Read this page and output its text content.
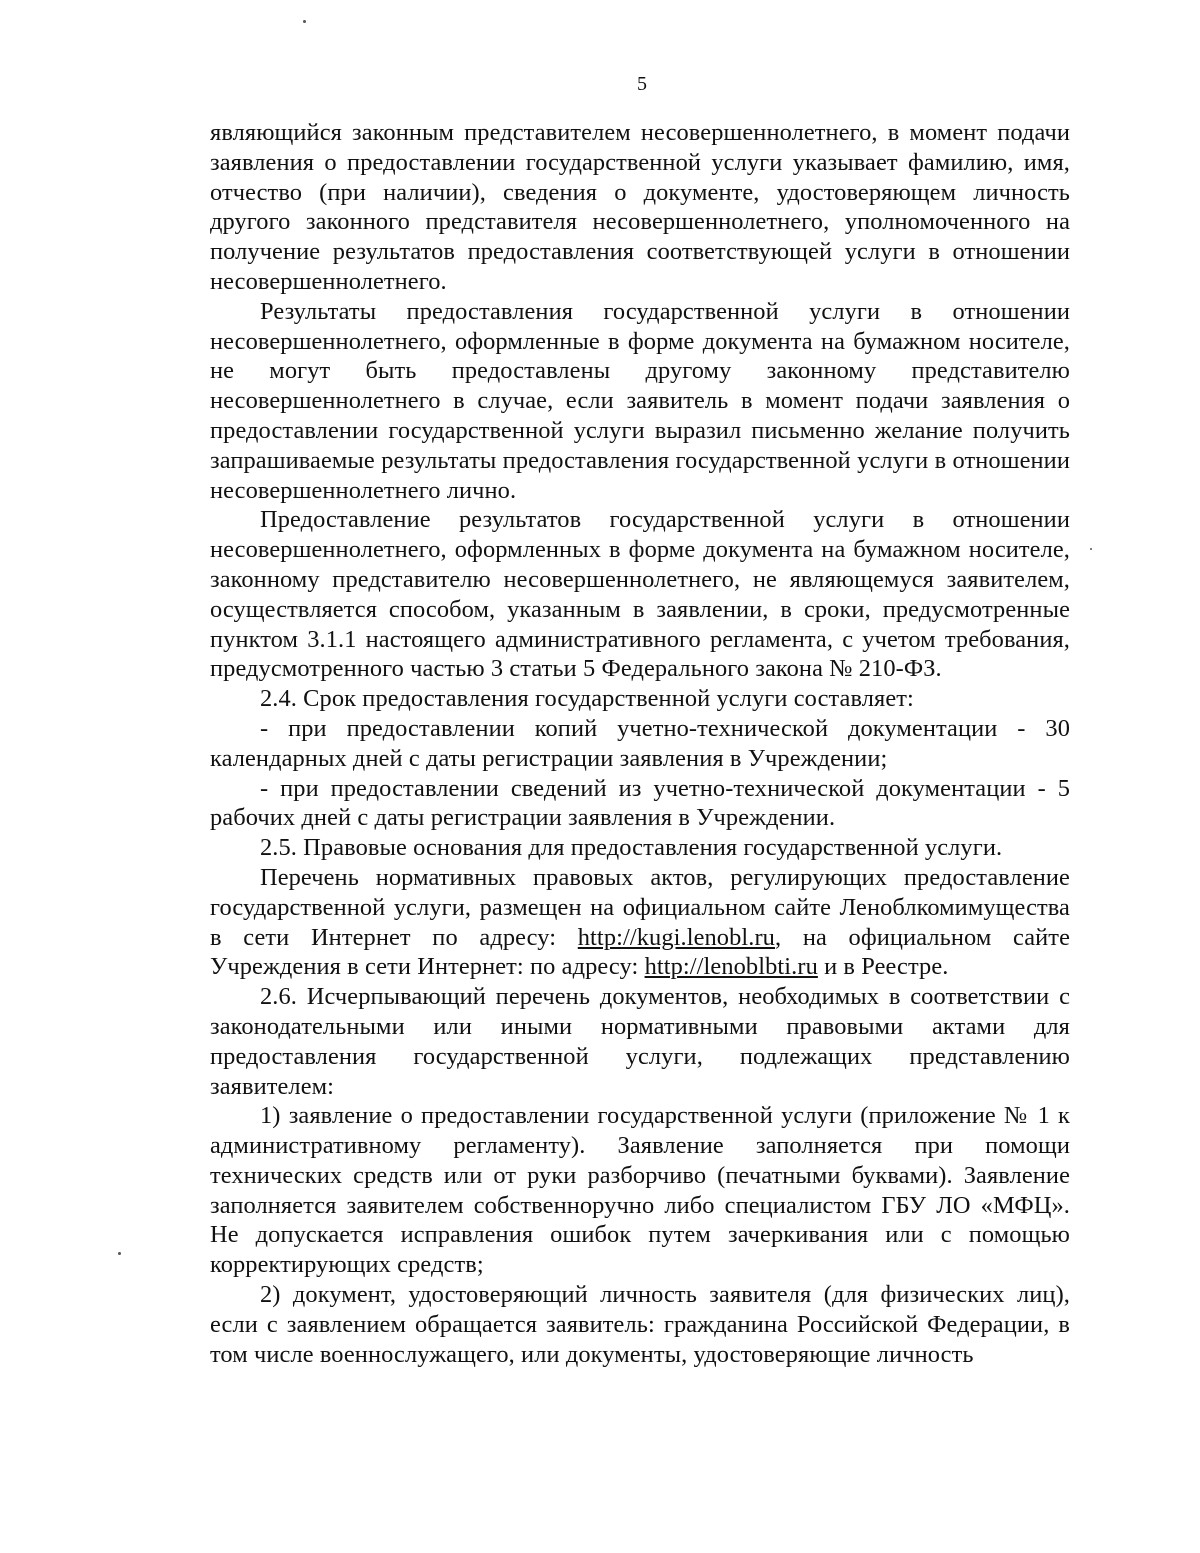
5

являющийся законным представителем несовершеннолетнего, в момент подачи заявления о предоставлении государственной услуги указывает фамилию, имя, отчество (при наличии), сведения о документе, удостоверяющем личность другого законного представителя несовершеннолетнего, уполномоченного на получение результатов предоставления соответствующей услуги в отношении несовершеннолетнего.

Результаты предоставления государственной услуги в отношении несовершеннолетнего, оформленные в форме документа на бумажном носителе, не могут быть предоставлены другому законному представителю несовершеннолетнего в случае, если заявитель в момент подачи заявления о предоставлении государственной услуги выразил письменно желание получить запрашиваемые результаты предоставления государственной услуги в отношении несовершеннолетнего лично.

Предоставление результатов государственной услуги в отношении несовершеннолетнего, оформленных в форме документа на бумажном носителе, законному представителю несовершеннолетнего, не являющемуся заявителем, осуществляется способом, указанным в заявлении, в сроки, предусмотренные пунктом 3.1.1 настоящего административного регламента, с учетом требования, предусмотренного частью 3 статьи 5 Федерального закона № 210-ФЗ.

2.4. Срок предоставления государственной услуги составляет:

- при предоставлении копий учетно-технической документации - 30 календарных дней с даты регистрации заявления в Учреждении;

- при предоставлении сведений из учетно-технической документации - 5 рабочих дней с даты регистрации заявления в Учреждении.

2.5. Правовые основания для предоставления государственной услуги.

Перечень нормативных правовых актов, регулирующих предоставление государственной услуги, размещен на официальном сайте Леноблкомимущества в сети Интернет по адресу: http://kugi.lenobl.ru, на официальном сайте Учреждения в сети Интернет: по адресу: http://lenoblbti.ru и в Реестре.

2.6. Исчерпывающий перечень документов, необходимых в соответствии с законодательными или иными нормативными правовыми актами для предоставления государственной услуги, подлежащих представлению заявителем:

1) заявление о предоставлении государственной услуги (приложение № 1 к административному регламенту). Заявление заполняется при помощи технических средств или от руки разборчиво (печатными буквами). Заявление заполняется заявителем собственноручно либо специалистом ГБУ ЛО «МФЦ». Не допускается исправления ошибок путем зачеркивания или с помощью корректирующих средств;

2) документ, удостоверяющий личность заявителя (для физических лиц), если с заявлением обращается заявитель: гражданина Российской Федерации, в том числе военнослужащего, или документы, удостоверяющие личность
